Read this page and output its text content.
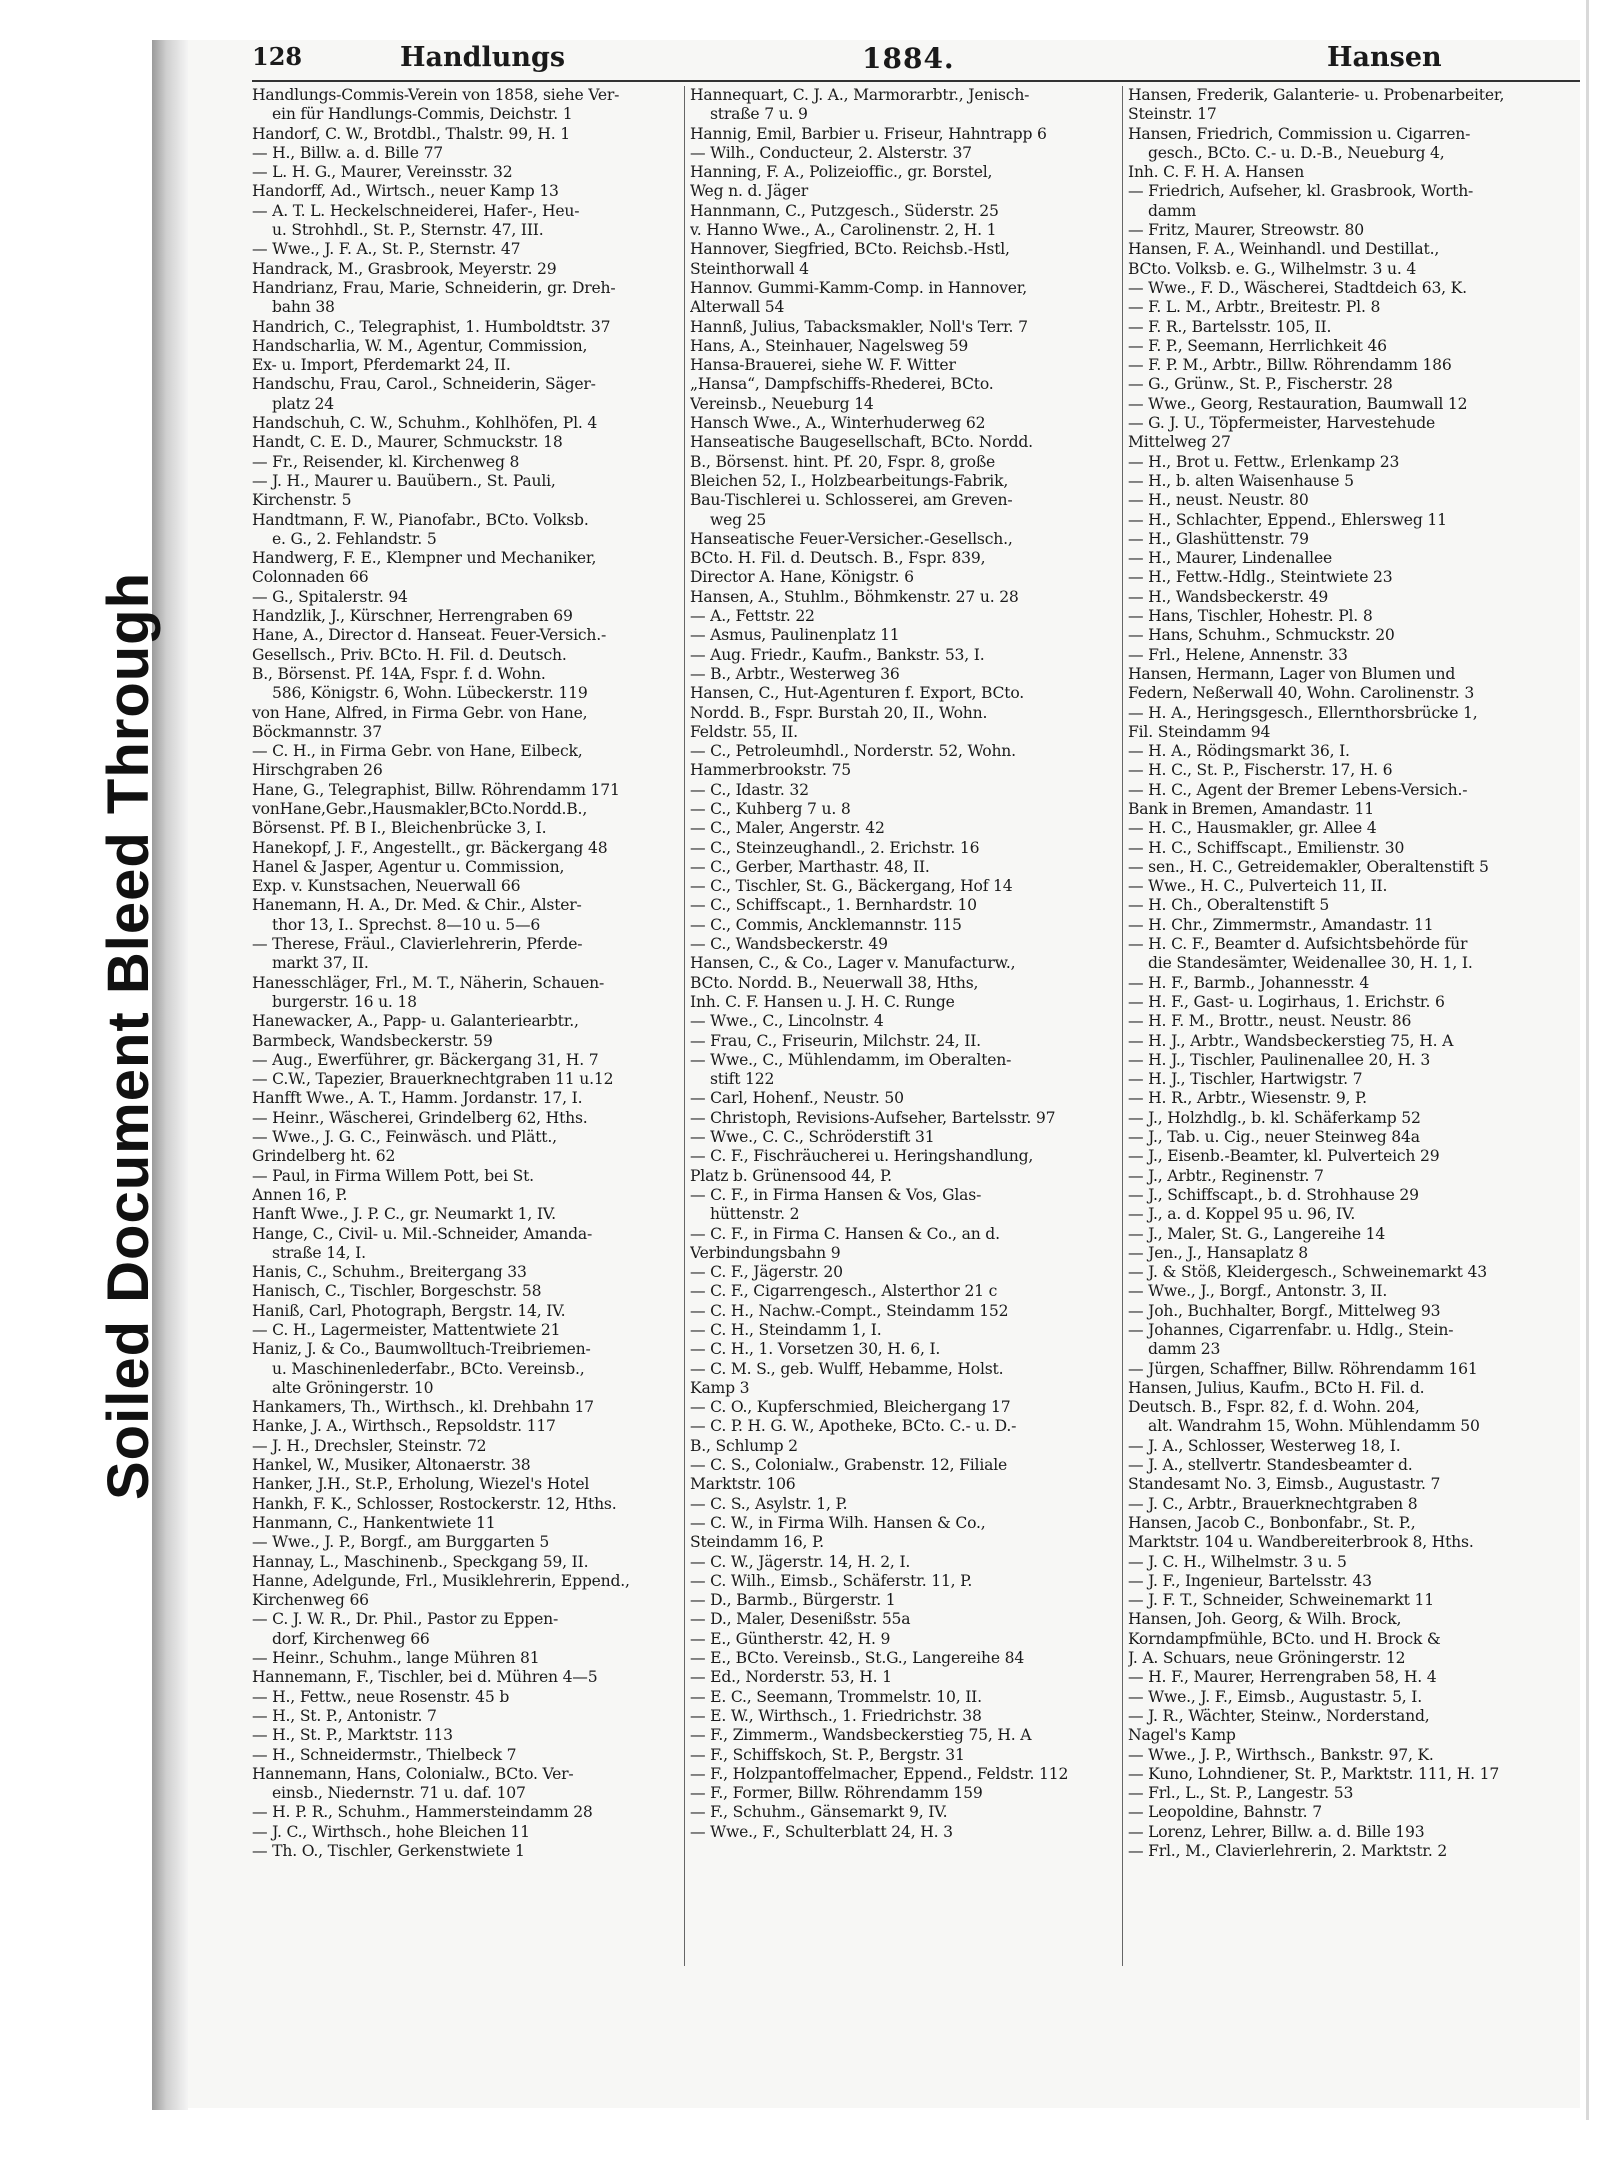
Soiled Document Bleed Through
128	Handlungs	1884.	Hansen
Handlungs-Commis-Verein von 1858, siehe Ver-
ein für Handlungs-Commis, Deichstr. 1
Handorf, C. W., Brotdbl., Thalstr. 99, H. 1
— H., Billw. a. d. Bille 77
— L. H. G., Maurer, Vereinsstr. 32
Handorff, Ad., Wirtsch., neuer Kamp 13
— A. T. L. Heckelschneiderei, Hafer-, Heu-
u. Strohhdl., St. P., Sternstr. 47, III.
— Wwe., J. F. A., St. P., Sternstr. 47
Handrack, M., Grasbrook, Meyerstr. 29
Handrianz, Frau, Marie, Schneiderin, gr. Dreh-
bahn 38
Handrich, C., Telegraphist, 1. Humboldtstr. 37
Handscharlia, W. M., Agentur, Commission,
Ex- u. Import, Pferdemarkt 24, II.
Handschu, Frau, Carol., Schneiderin, Säger-
platz 24
Handschuh, C. W., Schuhm., Kohlhöfen, Pl. 4
Handt, C. E. D., Maurer, Schmuckstr. 18
— Fr., Reisender, kl. Kirchenweg 8
— J. H., Maurer u. Bauübern., St. Pauli,
Kirchenstr. 5
Handtmann, F. W., Pianofabr., BCto. Volksb.
e. G., 2. Fehlandstr. 5
Handwerg, F. E., Klempner und Mechaniker,
Colonnaden 66
— G., Spitalerstr. 94
Handzlik, J., Kürschner, Herrengraben 69
Hane, A., Director d. Hanseat. Feuer-Versich.-
Gesellsch., Priv. BCto. H. Fil. d. Deutsch.
B., Börsenst. Pf. 14A, Fspr. f. d. Wohn.
586, Königstr. 6, Wohn. Lübeckerstr. 119
von Hane, Alfred, in Firma Gebr. von Hane,
Böckmannstr. 37
— C. H., in Firma Gebr. von Hane, Eilbeck,
Hirschgraben 26
Hane, G., Telegraphist, Billw. Röhrendamm 171
vonHane,Gebr.,Hausmakler,BCto.Nordd.B.,
Börsenst. Pf. B I., Bleichenbrücke 3, I.
Hanekopf, J. F., Angestellt., gr. Bäckergang 48
Hanel & Jasper, Agentur u. Commission,
Exp. v. Kunstsachen, Neuerwall 66
Hanemann, H. A., Dr. Med. & Chir., Alster-
thor 13, I.. Sprechst. 8—10 u. 5—6
— Therese, Fräul., Clavierlehrerin, Pferde-
markt 37, II.
Hanesschläger, Frl., M. T., Näherin, Schauen-
burgerstr. 16 u. 18
Hanewacker, A., Papp- u. Galanteriearbtr.,
Barmbeck, Wandsbeckerstr. 59
— Aug., Ewerführer, gr. Bäckergang 31, H. 7
— C.W., Tapezier, Brauerknechtgraben 11 u.12
Hanfft Wwe., A. T., Hamm. Jordanstr. 17, I.
— Heinr., Wäscherei, Grindelberg 62, Hths.
— Wwe., J. G. C., Feinwäsch. und Plätt.,
Grindelberg ht. 62
— Paul, in Firma Willem Pott, bei St.
Annen 16, P.
Hanft Wwe., J. P. C., gr. Neumarkt 1, IV.
Hange, C., Civil- u. Mil.-Schneider, Amanda-
straße 14, I.
Hanis, C., Schuhm., Breitergang 33
Hanisch, C., Tischler, Borgeschstr. 58
Haniß, Carl, Photograph, Bergstr. 14, IV.
— C. H., Lagermeister, Mattentwiete 21
Haniz, J. & Co., Baumwolltuch-Treibriemen-
u. Maschinenlederfabr., BCto. Vereinsb.,
alte Gröningerstr. 10
Hankamers, Th., Wirthsch., kl. Drehbahn 17
Hanke, J. A., Wirthsch., Repsoldstr. 117
— J. H., Drechsler, Steinstr. 72
Hankel, W., Musiker, Altonaerstr. 38
Hanker, J.H., St.P., Erholung, Wiezel's Hotel
Hankh, F. K., Schlosser, Rostockerstr. 12, Hths.
Hanmann, C., Hankentwiete 11
— Wwe., J. P., Borgf., am Burggarten 5
Hannay, L., Maschinenb., Speckgang 59, II.
Hanne, Adelgunde, Frl., Musiklehrerin, Eppend.,
Kirchenweg 66
— C. J. W. R., Dr. Phil., Pastor zu Eppen-
dorf, Kirchenweg 66
— Heinr., Schuhm., lange Mühren 81
Hannemann, F., Tischler, bei d. Mühren 4—5
— H., Fettw., neue Rosenstr. 45 b
— H., St. P., Antonistr. 7
— H., St. P., Marktstr. 113
— H., Schneidermstr., Thielbeck 7
Hannemann, Hans, Colonialw., BCto. Ver-
einsb., Niedernstr. 71 u. daf. 107
— H. P. R., Schuhm., Hammersteindamm 28
— J. C., Wirthsch., hohe Bleichen 11
— Th. O., Tischler, Gerkenstwiete 1
Hannequart, C. J. A., Marmorarbtr., Jenisch-
straße 7 u. 9
Hannig, Emil, Barbier u. Friseur, Hahntrapp 6
— Wilh., Conducteur, 2. Alsterstr. 37
Hanning, F. A., Polizeioffic., gr. Borstel,
Weg n. d. Jäger
Hannmann, C., Putzgesch., Süderstr. 25
v. Hanno Wwe., A., Carolinenstr. 2, H. 1
Hannover, Siegfried, BCto. Reichsb.-Hstl,
Steinthorwall 4
Hannov. Gummi-Kamm-Comp. in Hannover,
Alterwall 54
Hannß, Julius, Tabacksmakler, Noll's Terr. 7
Hans, A., Steinhauer, Nagelsweg 59
Hansa-Brauerei, siehe W. F. Witter
„Hansa“, Dampfschiffs-Rhederei, BCto.
Vereinsb., Neueburg 14
Hansch Wwe., A., Winterhuderweg 62
Hanseatische Baugesellschaft, BCto. Nordd.
B., Börsenst. hint. Pf. 20, Fspr. 8, große
Bleichen 52, I., Holzbearbeitungs-Fabrik,
Bau-Tischlerei u. Schlosserei, am Greven-
weg 25
Hanseatische Feuer-Versicher.-Gesellsch.,
BCto. H. Fil. d. Deutsch. B., Fspr. 839,
Director A. Hane, Königstr. 6
Hansen, A., Stuhlm., Böhmkenstr. 27 u. 28
— A., Fettstr. 22
— Asmus, Paulinenplatz 11
— Aug. Friedr., Kaufm., Bankstr. 53, I.
— B., Arbtr., Westerweg 36
Hansen, C., Hut-Agenturen f. Export, BCto.
Nordd. B., Fspr. Burstah 20, II., Wohn.
Feldstr. 55, II.
— C., Petroleumhdl., Norderstr. 52, Wohn.
Hammerbrookstr. 75
— C., Idastr. 32
— C., Kuhberg 7 u. 8
— C., Maler, Angerstr. 42
— C., Steinzeughandl., 2. Erichstr. 16
— C., Gerber, Marthastr. 48, II.
— C., Tischler, St. G., Bäckergang, Hof 14
— C., Schiffscapt., 1. Bernhardstr. 10
— C., Commis, Ancklemannstr. 115
— C., Wandsbeckerstr. 49
Hansen, C., & Co., Lager v. Manufacturw.,
BCto. Nordd. B., Neuerwall 38, Hths,
Inh. C. F. Hansen u. J. H. C. Runge
— Wwe., C., Lincolnstr. 4
— Frau, C., Friseurin, Milchstr. 24, II.
— Wwe., C., Mühlendamm, im Oberalten-
stift 122
— Carl, Hohenf., Neustr. 50
— Christoph, Revisions-Aufseher, Bartelsstr. 97
— Wwe., C. C., Schröderstift 31
— C. F., Fischräucherei u. Heringshandlung,
Platz b. Grünensood 44, P.
— C. F., in Firma Hansen & Vos, Glas-
hüttenstr. 2
— C. F., in Firma C. Hansen & Co., an d.
Verbindungsbahn 9
— C. F., Jägerstr. 20
— C. F., Cigarrengesch., Alsterthor 21 c
— C. H., Nachw.-Compt., Steindamm 152
— C. H., Steindamm 1, I.
— C. H., 1. Vorsetzen 30, H. 6, I.
— C. M. S., geb. Wulff, Hebamme, Holst.
Kamp 3
— C. O., Kupferschmied, Bleichergang 17
— C. P. H. G. W., Apotheke, BCto. C.- u. D.-
B., Schlump 2
— C. S., Colonialw., Grabenstr. 12, Filiale
Marktstr. 106
— C. S., Asylstr. 1, P.
— C. W., in Firma Wilh. Hansen & Co.,
Steindamm 16, P.
— C. W., Jägerstr. 14, H. 2, I.
— C. Wilh., Eimsb., Schäferstr. 11, P.
— D., Barmb., Bürgerstr. 1
— D., Maler, Desenißstr. 55a
— E., Güntherstr. 42, H. 9
— E., BCto. Vereinsb., St.G., Langereihe 84
— Ed., Norderstr. 53, H. 1
— E. C., Seemann, Trommelstr. 10, II.
— E. W., Wirthsch., 1. Friedrichstr. 38
— F., Zimmerm., Wandsbeckerstieg 75, H. A
— F., Schiffskoch, St. P., Bergstr. 31
— F., Holzpantoffelmacher, Eppend., Feldstr. 112
— F., Former, Billw. Röhrendamm 159
— F., Schuhm., Gänsemarkt 9, IV.
— Wwe., F., Schulterblatt 24, H. 3
Hansen, Frederik, Galanterie- u. Probenarbeiter,
Steinstr. 17
Hansen, Friedrich, Commission u. Cigarren-
gesch., BCto. C.- u. D.-B., Neueburg 4,
Inh. C. F. H. A. Hansen
— Friedrich, Aufseher, kl. Grasbrook, Worth-
damm
— Fritz, Maurer, Streowstr. 80
Hansen, F. A., Weinhandl. und Destillat.,
BCto. Volksb. e. G., Wilhelmstr. 3 u. 4
— Wwe., F. D., Wäscherei, Stadtdeich 63, K.
— F. L. M., Arbtr., Breitestr. Pl. 8
— F. R., Bartelsstr. 105, II.
— F. P., Seemann, Herrlichkeit 46
— F. P. M., Arbtr., Billw. Röhrendamm 186
— G., Grünw., St. P., Fischerstr. 28
— Wwe., Georg, Restauration, Baumwall 12
— G. J. U., Töpfermeister, Harvestehude
Mittelweg 27
— H., Brot u. Fettw., Erlenkamp 23
— H., b. alten Waisenhause 5
— H., neust. Neustr. 80
— H., Schlachter, Eppend., Ehlersweg 11
— H., Glashüttenstr. 79
— H., Maurer, Lindenallee
— H., Fettw.-Hdlg., Steintwiete 23
— H., Wandsbeckerstr. 49
— Hans, Tischler, Hohestr. Pl. 8
— Hans, Schuhm., Schmuckstr. 20
— Frl., Helene, Annenstr. 33
Hansen, Hermann, Lager von Blumen und
Federn, Neßerwall 40, Wohn. Carolinenstr. 3
— H. A., Heringsgesch., Ellernthorsbrücke 1,
Fil. Steindamm 94
— H. A., Rödingsmarkt 36, I.
— H. C., St. P., Fischerstr. 17, H. 6
— H. C., Agent der Bremer Lebens-Versich.-
Bank in Bremen, Amandastr. 11
— H. C., Hausmakler, gr. Allee 4
— H. C., Schiffscapt., Emilienstr. 30
— sen., H. C., Getreidemakler, Oberaltenstift 5
— Wwe., H. C., Pulverteich 11, II.
— H. Ch., Oberaltenstift 5
— H. Chr., Zimmermstr., Amandastr. 11
— H. C. F., Beamter d. Aufsichtsbehörde für
die Standesämter, Weidenallee 30, H. 1, I.
— H. F., Barmb., Johannesstr. 4
— H. F., Gast- u. Logirhaus, 1. Erichstr. 6
— H. F. M., Brottr., neust. Neustr. 86
— H. J., Arbtr., Wandsbeckerstieg 75, H. A
— H. J., Tischler, Paulinenallee 20, H. 3
— H. J., Tischler, Hartwigstr. 7
— H. R., Arbtr., Wiesenstr. 9, P.
— J., Holzhdlg., b. kl. Schäferkamp 52
— J., Tab. u. Cig., neuer Steinweg 84a
— J., Eisenb.-Beamter, kl. Pulverteich 29
— J., Arbtr., Reginenstr. 7
— J., Schiffscapt., b. d. Strohhause 29
— J., a. d. Koppel 95 u. 96, IV.
— J., Maler, St. G., Langereihe 14
— Jen., J., Hansaplatz 8
— J. & Stöß, Kleidergesch., Schweinemarkt 43
— Wwe., J., Borgf., Antonstr. 3, II.
— Joh., Buchhalter, Borgf., Mittelweg 93
— Johannes, Cigarrenfabr. u. Hdlg., Stein-
damm 23
— Jürgen, Schaffner, Billw. Röhrendamm 161
Hansen, Julius, Kaufm., BCto H. Fil. d.
Deutsch. B., Fspr. 82, f. d. Wohn. 204,
alt. Wandrahm 15, Wohn. Mühlendamm 50
— J. A., Schlosser, Westerweg 18, I.
— J. A., stellvertr. Standesbeamter d.
Standesamt No. 3, Eimsb., Augustastr. 7
— J. C., Arbtr., Brauerknechtgraben 8
Hansen, Jacob C., Bonbonfabr., St. P.,
Marktstr. 104 u. Wandbereiterbrook 8, Hths.
— J. C. H., Wilhelmstr. 3 u. 5
— J. F., Ingenieur, Bartelsstr. 43
— J. F. T., Schneider, Schweinemarkt 11
Hansen, Joh. Georg, & Wilh. Brock,
Korndampfmühle, BCto. und H. Brock &
J. A. Schuars, neue Gröningerstr. 12
— H. F., Maurer, Herrengraben 58, H. 4
— Wwe., J. F., Eimsb., Augustastr. 5, I.
— J. R., Wächter, Steinw., Norderstand,
Nagel's Kamp
— Wwe., J. P., Wirthsch., Bankstr. 97, K.
— Kuno, Lohndiener, St. P., Marktstr. 111, H. 17
— Frl., L., St. P., Langestr. 53
— Leopoldine, Bahnstr. 7
— Lorenz, Lehrer, Billw. a. d. Bille 193
— Frl., M., Clavierlehrerin, 2. Marktstr. 2
